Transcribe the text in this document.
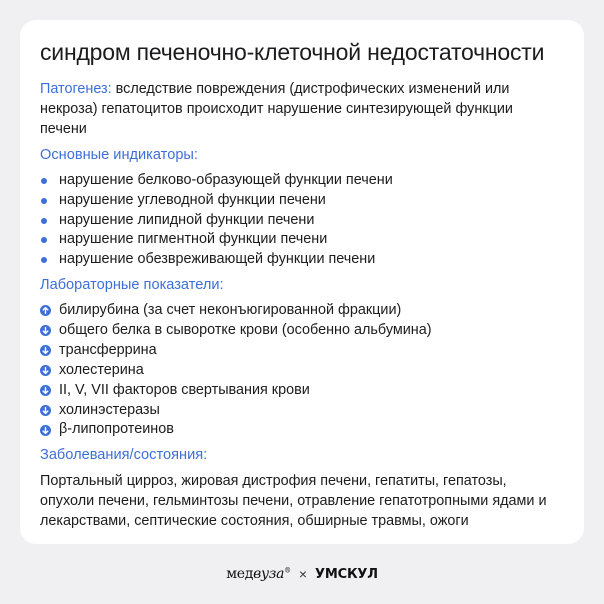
синдром печеночно-клеточной недостаточности

Патогенез: вследствие повреждения (дистрофических изменений или некроза) гепатоцитов происходит нарушение синтезирующей функции печени

Основные индикаторы:
нарушение белково-образующей функции печени
нарушение углеводной функции печени
нарушение липидной функции печени
нарушение пигментной функции печени
нарушение обезвреживающей функции печени
Лабораторные показатели:
билирубина (за счет неконъюгированной фракции)
общего белка в сыворотке крови (особенно альбумина)
трансферрина
холестерина
II, V, VII факторов свертывания крови
холинэстеразы
β-липопротеинов
Заболевания/состояния:

Портальный цирроз, жировая дистрофия печени, гепатиты, гепатозы, опухоли печени, гельминтозы печени, отравление гепатотропными ядами и лекарствами, септические состояния, обширные травмы, ожоги

медвуза® × УМСКУЛ
